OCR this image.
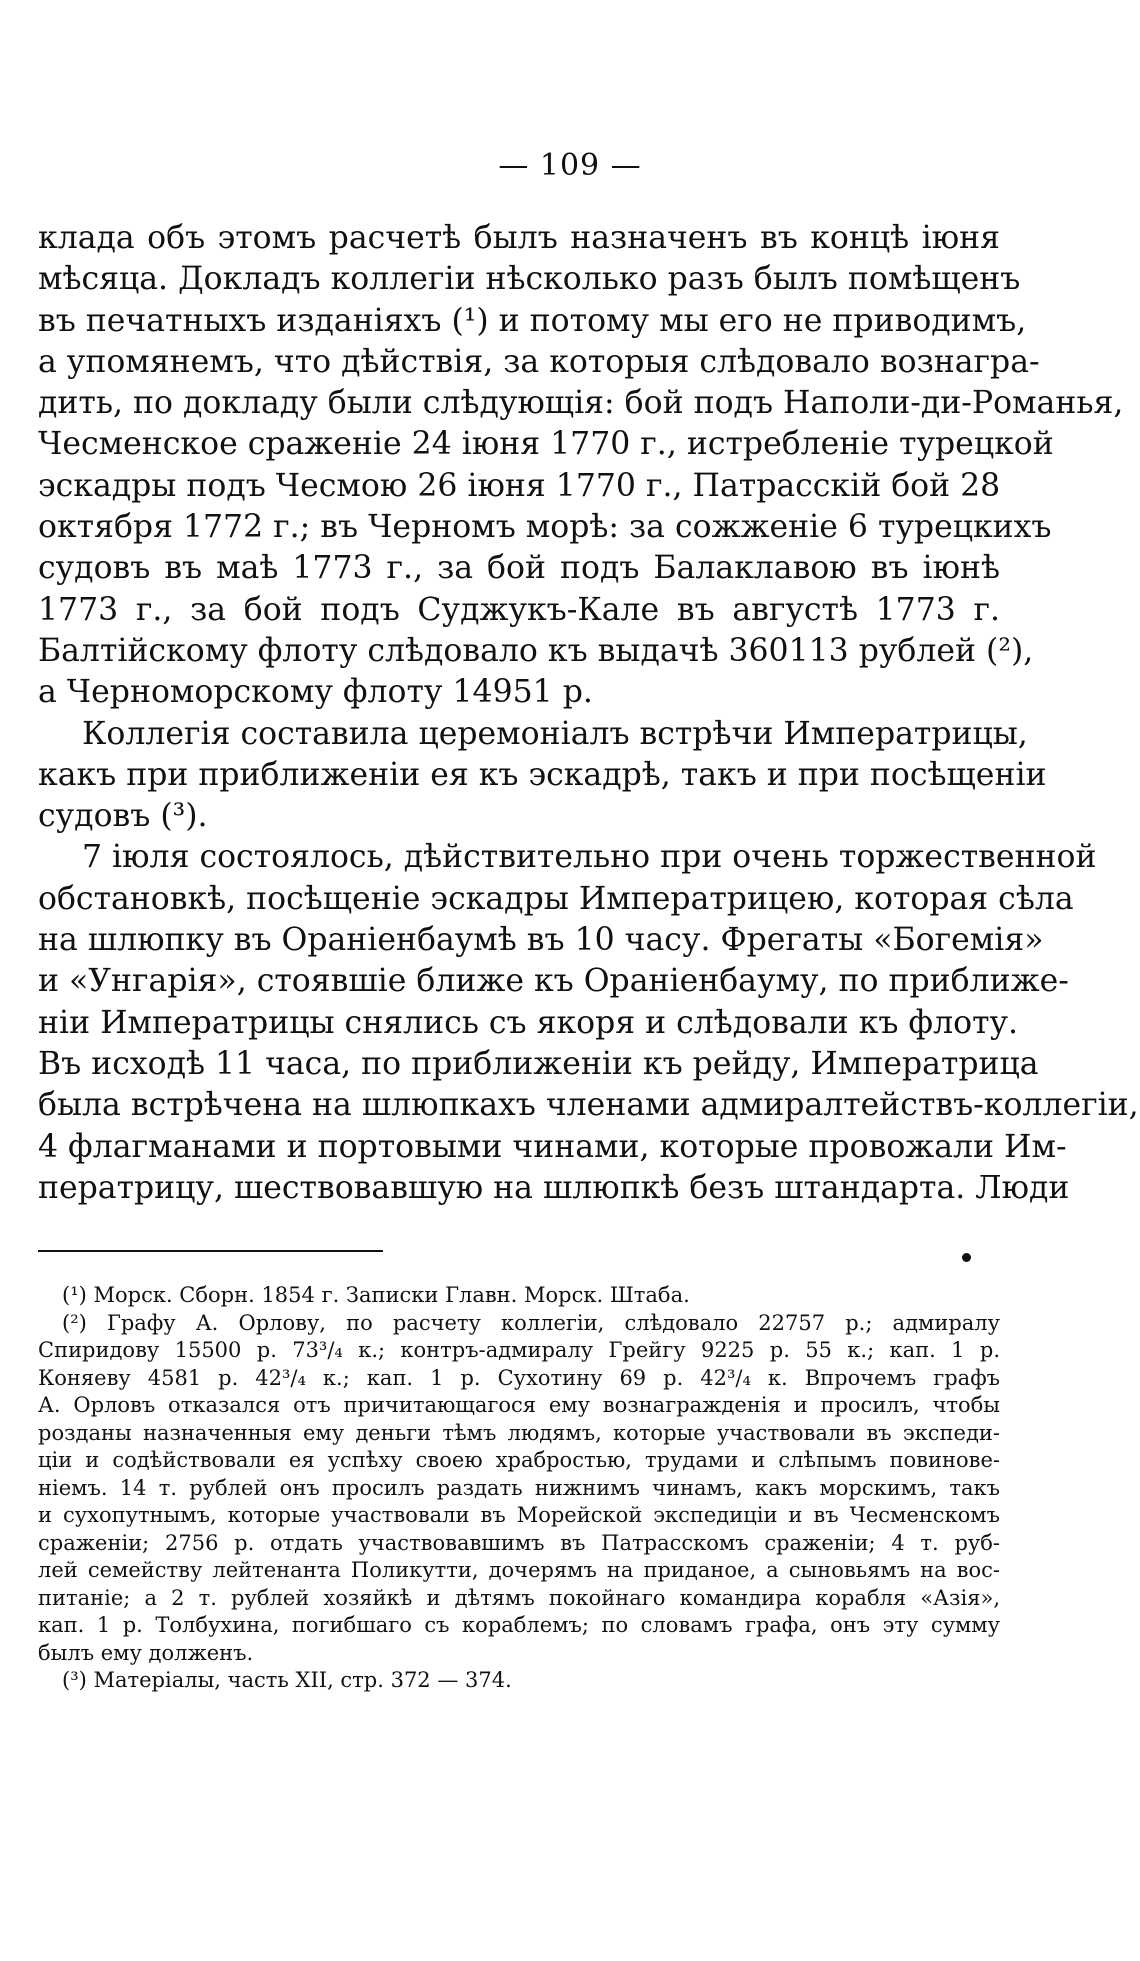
— 109 —
клада объ этомъ расчетѣ былъ назначенъ въ концѣ іюня
мѣсяца. Докладъ коллегіи нѣсколько разъ былъ помѣщенъ
въ печатныхъ изданіяхъ (¹) и потому мы его не приводимъ,
а упомянемъ, что дѣйствія, за которыя слѣдовало вознагра-
дить, по докладу были слѣдующія: бой подъ Наполи-ди-Романья,
Чесменское сраженіе 24 іюня 1770 г., истребленіе турецкой
эскадры подъ Чесмою 26 іюня 1770 г., Патрасскій бой 28
октября 1772 г.; въ Черномъ морѣ: за сожженіе 6 турецкихъ
судовъ въ маѣ 1773 г., за бой подъ Балаклавою въ іюнѣ
1773 г., за бой подъ Суджукъ-Кале въ августѣ 1773 г.
Балтійскому флоту слѣдовало къ выдачѣ 360113 рублей (²),
а Черноморскому флоту 14951 р.
Коллегія составила церемоніалъ встрѣчи Императрицы,
какъ при приближеніи ея къ эскадрѣ, такъ и при посѣщеніи
судовъ (³).
7 іюля состоялось, дѣйствительно при очень торжественной
обстановкѣ, посѣщеніе эскадры Императрицею, которая сѣла
на шлюпку въ Ораніенбаумѣ въ 10 часу. Фрегаты «Богемія»
и «Унгарія», стоявшіе ближе къ Ораніенбауму, по приближе-
ніи Императрицы снялись съ якоря и слѣдовали къ флоту.
Въ исходѣ 11 часа, по приближеніи къ рейду, Императрица
была встрѣчена на шлюпкахъ членами адмиралтействъ-коллегіи,
4 флагманами и портовыми чинами, которые провожали Им-
ператрицу, шествовавшую на шлюпкѣ безъ штандарта. Люди
(¹) Морск. Сборн. 1854 г. Записки Главн. Морск. Штаба.
(²) Графу А. Орлову, по расчету коллегіи, слѣдовало 22757 р.; адмиралу
Спиридову 15500 р. 73³/₄ к.; контръ-адмиралу Грейгу 9225 р. 55 к.; кап. 1 р.
Коняеву 4581 р. 42³/₄ к.; кап. 1 р. Сухотину 69 р. 42³/₄ к. Впрочемъ графъ
А. Орловъ отказался отъ причитающагося ему вознагражденія и просилъ, чтобы
розданы назначенныя ему деньги тѣмъ людямъ, которые участвовали въ экспеди-
ціи и содѣйствовали ея успѣху своею храбростью, трудами и слѣпымъ повинове-
ніемъ. 14 т. рублей онъ просилъ раздать нижнимъ чинамъ, какъ морскимъ, такъ
и сухопутнымъ, которые участвовали въ Морейской экспедиціи и въ Чесменскомъ
сраженіи; 2756 р. отдать участвовавшимъ въ Патрасскомъ сраженіи; 4 т. руб-
лей семейству лейтенанта Поликутти, дочерямъ на приданое, а сыновьямъ на вос-
питаніе; а 2 т. рублей хозяйкѣ и дѣтямъ покойнаго командира корабля «Азія»,
кап. 1 р. Толбухина, погибшаго съ кораблемъ; по словамъ графа, онъ эту сумму
былъ ему долженъ.
(³) Матеріалы, часть XII, стр. 372 — 374.
